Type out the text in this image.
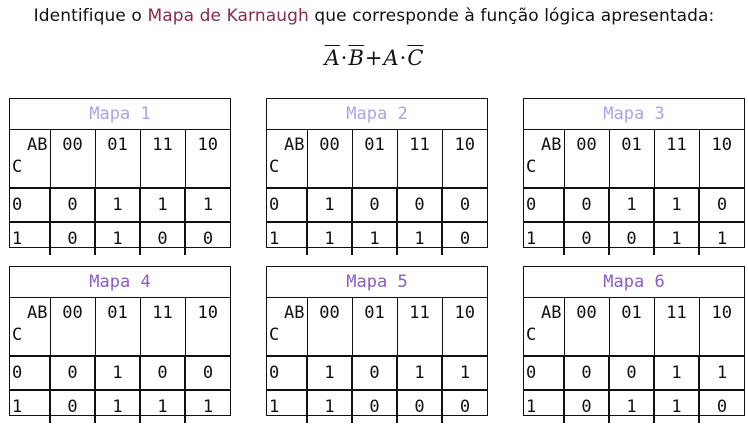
Identifique o Mapa de Karnaugh que corresponde à função lógica apresentada:
$\overline{A}\cdot\overline{B}+A\cdot\overline{C}$
Mapa 1
AB
C	00	01	11	10
0	0	1	1	1
1	0	1	0	0
Mapa 2
AB
C	00	01	11	10
0	1	0	0	0
1	1	1	1	0
Mapa 3
AB
C	00	01	11	10
0	0	1	1	0
1	0	0	1	1
Mapa 4
AB
C	00	01	11	10
0	0	1	0	0
1	0	1	1	1
Mapa 5
AB
C	00	01	11	10
0	1	0	1	1
1	1	0	0	0
Mapa 6
AB
C	00	01	11	10
0	0	0	1	1
1	0	1	1	0
